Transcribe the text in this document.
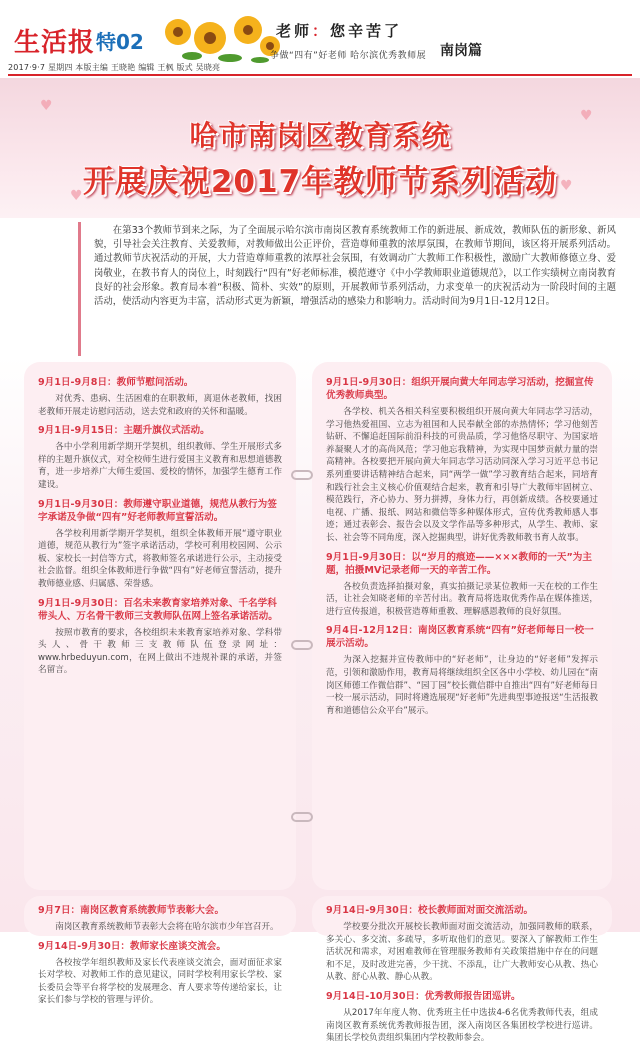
生活报 特02	老师：您辛苦了
争做“四有”好老师 哈尔滨优秀教师展 南岗篇
2017·9·7 星期四 本版主编 王晓艳 编辑 王枫 版式 吴晓亮
♥
♥
♥
♥
哈市南岗区教育系统
开展庆祝2017年教师节系列活动
在第33个教师节到来之际，为了全面展示哈尔滨市南岗区教育系统教师工作的新进展、新成效，教师队伍的新形象、新风貌，引导社会关注教育、关爱教师，对教师做出公正评价，营造尊师重教的浓厚氛围，在教师节期间，该区将开展系列活动。通过教师节庆祝活动的开展，大力营造尊师重教的浓厚社会氛围，有效调动广大教师工作积极性，激励广大教师修德立身、爱岗敬业，在教书育人的岗位上，时刻践行“四有”好老师标准，模范遵守《中小学教师职业道德规范》，以工作实绩树立南岗教育良好的社会形象。教育局本着“积极、简朴、实效”的原则，开展教师节系列活动，力求变单一的庆祝活动为一阶段时间的主题活动，使活动内容更为丰富，活动形式更为新颖，增强活动的感染力和影响力。活动时间为9月1日-12月12日。
9月1日-9月8日：教师节慰问活动。
对优秀、患病、生活困难的在职教师，离退休老教师，找困老教师开展走访慰问活动，送去党和政府的关怀和温暖。
9月1日-9月15日：主题升旗仪式活动。
各中小学利用新学期开学契机，组织教师、学生开展形式多样的主题升旗仪式，对全校师生进行爱国主义教育和思想道德教育，进一步培养广大师生爱国、爱校的情怀，加强学生德育工作建设。
9月1日-9月30日：教师遵守职业道德，规范从教行为签字承诺及争做“四有”好老师教师宣誓活动。
各学校利用新学期开学契机，组织全体教师开展“遵守职业道德，规范从教行为”签字承诺活动，学校可利用校园网、公示板、家校长一封信等方式，将教师签名承诺进行公示，主动接受社会监督。组织全体教师进行争做“四有”好老师宣誓活动，提升教师德业感、归属感、荣誉感。
9月1日-9月30日：百名未来教育家培养对象、千名学科带头人、万名骨干教师三支教师队伍网上签名承诺活动。
按照市教育的要求，各校组织未来教育家培养对象、学科带头人、骨干教师三支教师队伍登录网址：www.hrbeduyun.com，在网上做出不违规补课的承诺，并签名留言。
9月1日-9月30日：组织开展向黄大年同志学习活动，挖掘宣传优秀教师典型。
各学校、机关各相关科室要积极组织开展向黄大年同志学习活动，学习他热爱祖国、立志为祖国和人民奉献全部的赤热情怀；学习他刻苦钻研、不懈追赶国际前沿科技的可贵品质，学习他恪尽职守、为国家培养凝聚人才的高尚风范；学习他忘我精神，为实现中国梦贡献力量的崇高精神。各校要把开展向黄大年同志学习活动同深入学习习近平总书记系列重要讲话精神结合起来，同“两学一做”学习教育结合起来，同培育和践行社会主义核心价值观结合起来，教育和引导广大教师牢固树立、模范践行，齐心协力、努力拼搏，身体力行，再创新成绩。各校要通过电视、广播、报纸、网站和微信等多种媒体形式，宣传优秀教师感人事迹；通过表彰会、报告会以及文学作品等多种形式，从学生、教师、家长、社会等不同角度，深入挖掘典型，讲好优秀教师教书育人故事。
9月1日-9月30日：以“岁月的痕迹——×××教师的一天”为主题，拍摄MV记录老师一天的辛苦工作。
各校负责选择拍摄对象，真实拍摄记录某位教师一天在校的工作生活，让社会知晓老师的辛苦付出。教育局将选取优秀作品在媒体推送，进行宣传报道，积极营造尊师重教、理解感恩教师的良好氛围。
9月4日-12月12日：南岗区教育系统“四有”好老师每日一校一展示活动。
为深入挖掘并宣传教师中的“好老师”，让身边的“好老师”发挥示范，引领和激励作用，教育局将继续组织全区各中小学校、幼儿园在“南岗区师德工作微信群”、“园丁园”校长微信群中自推出“四有”好老师每日一校一展示活动，同时将遴选展现“好老师”先进典型事迹报送“生活报教育和道德信公众平台”展示。
9月7日：南岗区教育系统教师节表彰大会。
南岗区教育系统教师节表彰大会将在哈尔滨市少年宫召开。
9月14日-9月30日：教师家长座谈交流会。
各校按学年组织教师及家长代表座谈交流会，面对面征求家长对学校、对教师工作的意见建议，同时学校利用家长学校、家长委员会等平台将学校的发展理念、育人要求等传递给家长，让家长们参与学校的管理与评价。
9月14日-9月30日：校长教师面对面交流活动。
学校要分批次开展校长教师面对面交流活动，加强同教师的联系，多关心、多交流、多疏导，多听取他们的意见。要深入了解教师工作生活状况和需求，对困难教师在管理服务教师有关政策措施中存在的问题和不足，及时改进完善，少干扰、不添乱，让广大教师安心从教、热心从教、舒心从教、静心从教。
9月14日-10月30日：优秀教师报告团巡讲。
从2017年年度人物、优秀班主任中选拔4-6名优秀教师代表，组成南岗区教育系统优秀教师报告团，深入南岗区各集团校学校进行巡讲。集团长学校负责组织集团内学校教师参会。
